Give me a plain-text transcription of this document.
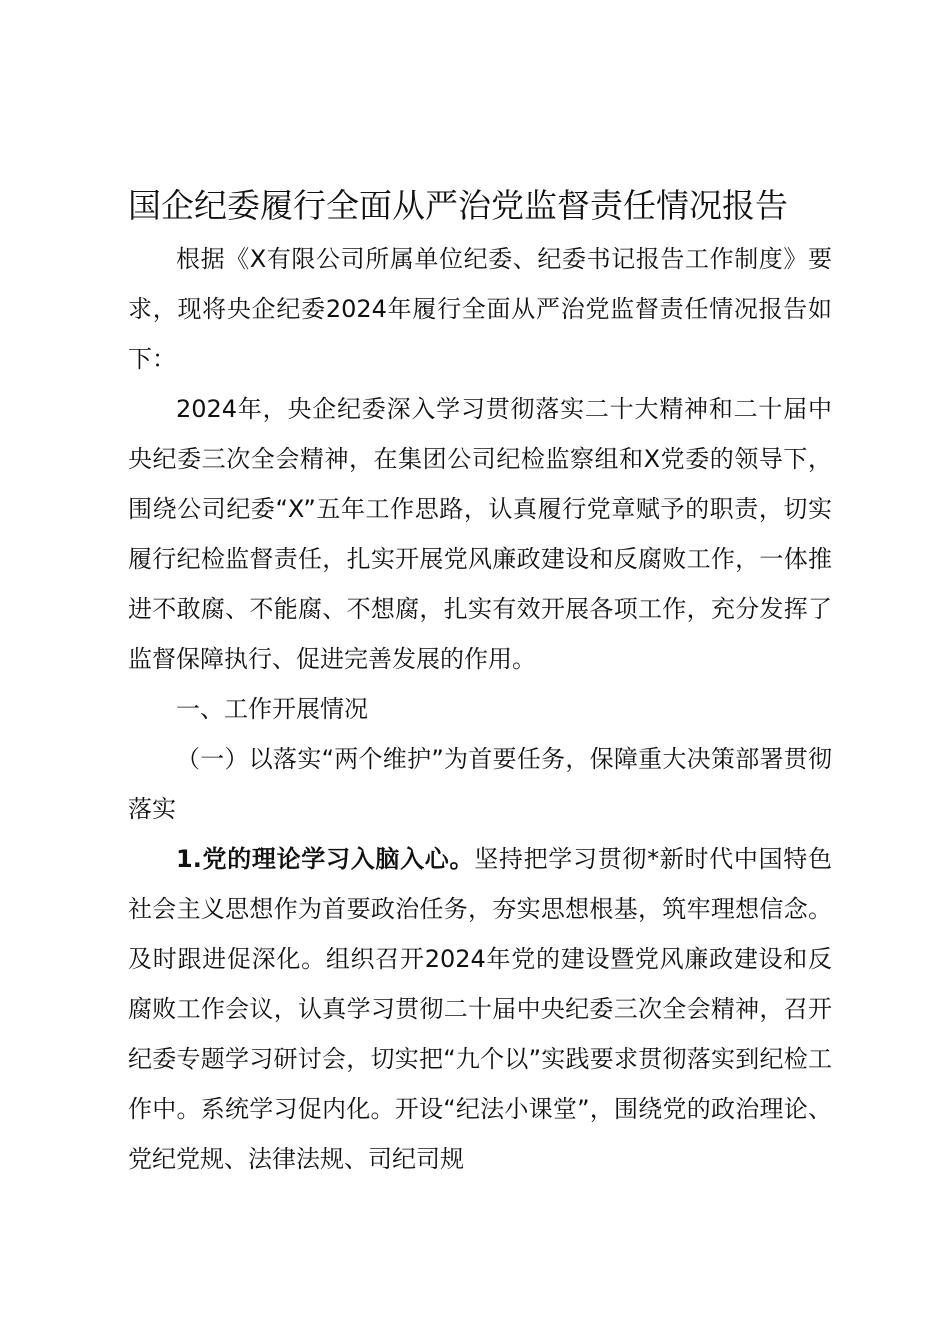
国企纪委履行全面从严治党监督责任情况报告

根据《X有限公司所属单位纪委、纪委书记报告工作制度》要求，现将央企纪委2024年履行全面从严治党监督责任情况报告如下：

2024年，央企纪委深入学习贯彻落实二十大精神和二十届中央纪委三次全会精神，在集团公司纪检监察组和X党委的领导下，围绕公司纪委“X”五年工作思路，认真履行党章赋予的职责，切实履行纪检监督责任，扎实开展党风廉政建设和反腐败工作，一体推进不敢腐、不能腐、不想腐，扎实有效开展各项工作，充分发挥了监督保障执行、促进完善发展的作用。

一、工作开展情况

（一）以落实“两个维护”为首要任务，保障重大决策部署贯彻落实

1.党的理论学习入脑入心。坚持把学习贯彻*新时代中国特色社会主义思想作为首要政治任务，夯实思想根基，筑牢理想信念。及时跟进促深化。组织召开2024年党的建设暨党风廉政建设和反腐败工作会议，认真学习贯彻二十届中央纪委三次全会精神，召开纪委专题学习研讨会，切实把“九个以”实践要求贯彻落实到纪检工作中。系统学习促内化。开设“纪法小课堂”，围绕党的政治理论、党纪党规、法律法规、司纪司规
